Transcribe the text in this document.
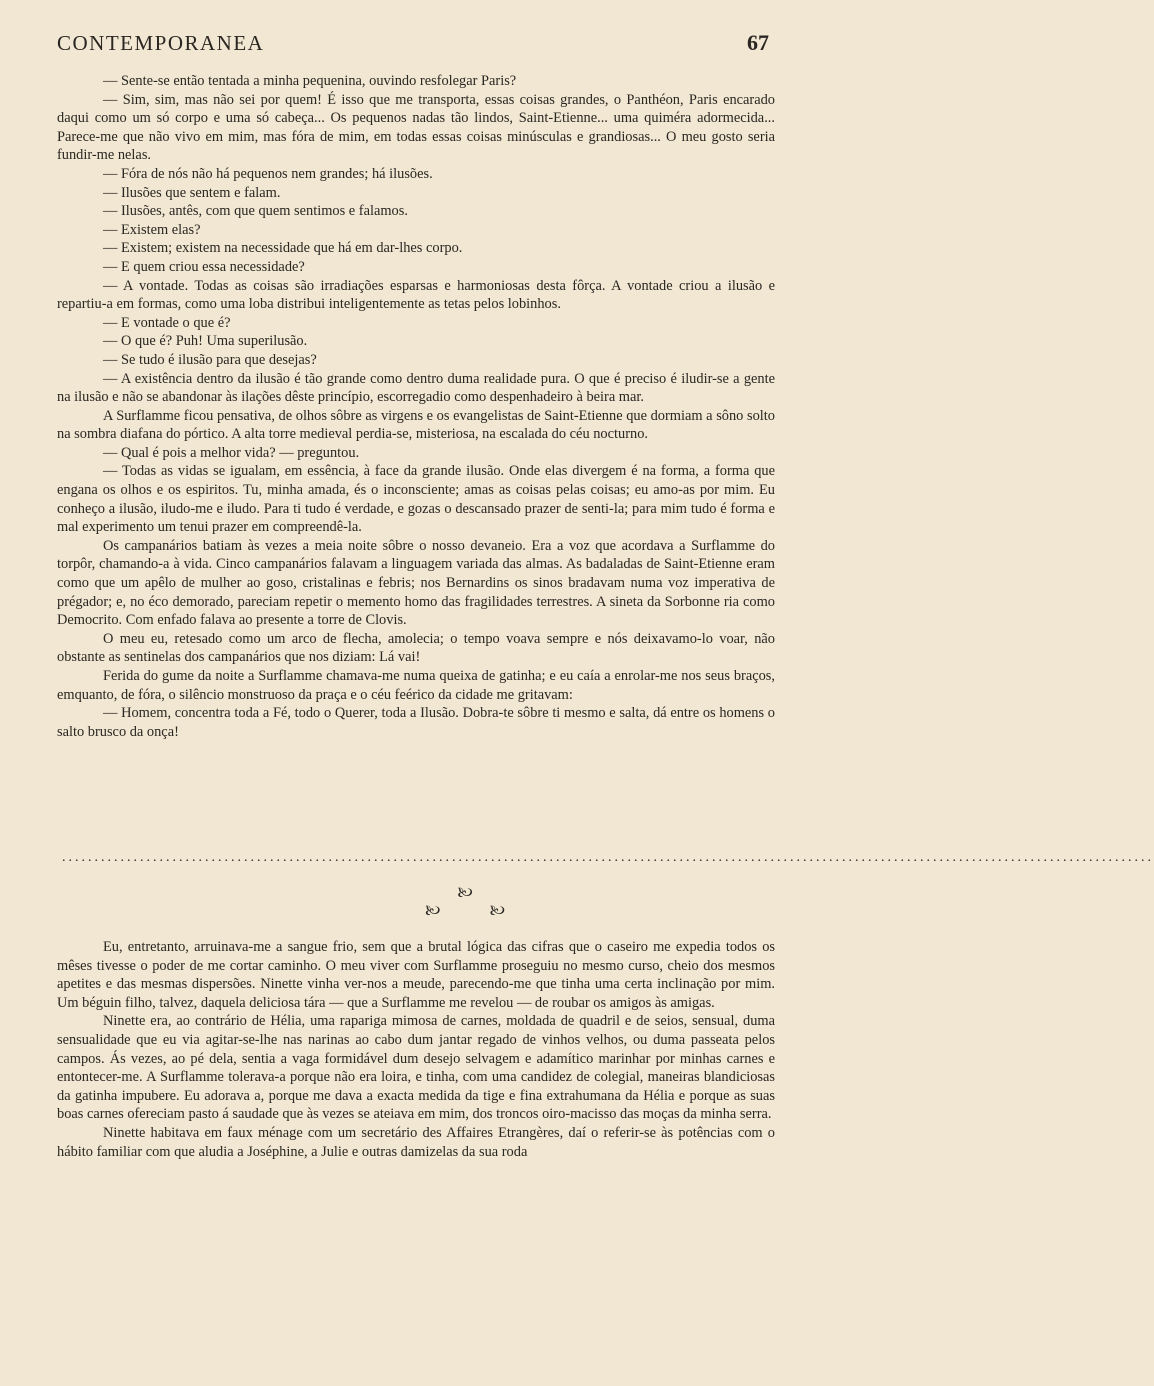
CONTEMPORANEA	67

— Sente-se então tentada a minha pequenina, ouvindo resfolegar Paris?

— Sim, sim, mas não sei por quem! É isso que me transporta, essas coisas grandes, o Panthéon, Paris encarado daqui como um só corpo e uma só cabeça... Os pequenos nadas tão lindos, Saint-Etienne... uma quiméra adormecida... Parece-me que não vivo em mim, mas fóra de mim, em todas essas coisas minúsculas e grandiosas... O meu gosto seria fundir-me nelas.

— Fóra de nós não há pequenos nem grandes; há ilusões.

— Ilusões que sentem e falam.

— Ilusões, antês, com que quem sentimos e falamos.

— Existem elas?

— Existem; existem na necessidade que há em dar-lhes corpo.

— E quem criou essa necessidade?

— A vontade. Todas as coisas são irradiações esparsas e harmoniosas desta fôrça. A vontade criou a ilusão e repartiu-a em formas, como uma loba distribui inteligentemente as tetas pelos lobinhos.

— E vontade o que é?

— O que é? Puh! Uma superilusão.

— Se tudo é ilusão para que desejas?

— A existência dentro da ilusão é tão grande como dentro duma realidade pura. O que é preciso é iludir-se a gente na ilusão e não se abandonar às ilações dêste princípio, escorregadio como despenhadeiro à beira mar.

A Surflamme ficou pensativa, de olhos sôbre as virgens e os evangelistas de Saint-Etienne que dormiam a sôno solto na sombra diafana do pórtico. A alta torre medieval perdia-se, misteriosa, na escalada do céu nocturno.

— Qual é pois a melhor vida? — preguntou.

— Todas as vidas se igualam, em essência, à face da grande ilusão. Onde elas divergem é na forma, a forma que engana os olhos e os espiritos. Tu, minha amada, és o inconsciente; amas as coisas pelas coisas; eu amo-as por mim. Eu conheço a ilusão, iludo-me e iludo. Para ti tudo é verdade, e gozas o descansado prazer de senti-la; para mim tudo é forma e mal experimento um tenui prazer em compreendê-la.

Os campanários batiam às vezes a meia noite sôbre o nosso devaneio. Era a voz que acordava a Surflamme do torpôr, chamando-a à vida. Cinco campanários falavam a linguagem variada das almas. As badaladas de Saint-Etienne eram como que um apêlo de mulher ao goso, cristalinas e febris; nos Bernardins os sinos bradavam numa voz imperativa de prégador; e, no éco demorado, pareciam repetir o memento homo das fragilidades terrestres. A sineta da Sorbonne ria como Democrito. Com enfado falava ao presente a torre de Clovis.

O meu eu, retesado como um arco de flecha, amolecia; o tempo voava sempre e nós deixavamo-lo voar, não obstante as sentinelas dos campanários que nos diziam: Lá vai!

Ferida do gume da noite a Surflamme chamava-me numa queixa de gatinha; e eu caía a enrolar-me nos seus braços, emquanto, de fóra, o silêncio monstruoso da praça e o céu feérico da cidade me gritavam:

— Homem, concentra toda a Fé, todo o Querer, toda a Ilusão. Dobra-te sôbre ti mesmo e salta, dá entre os homens o salto brusco da onça!

........................................................................................................................................................................
🙠
🙠	🙠

Eu, entretanto, arruinava-me a sangue frio, sem que a brutal lógica das cifras que o caseiro me expedia todos os mêses tivesse o poder de me cortar caminho. O meu viver com Surflamme proseguiu no mesmo curso, cheio dos mesmos apetites e das mesmas dispersões. Ninette vinha ver-nos a meude, parecendo-me que tinha uma certa inclinação por mim. Um béguin filho, talvez, daquela deliciosa tára — que a Surflamme me revelou — de roubar os amigos às amigas.

Ninette era, ao contrário de Hélia, uma rapariga mimosa de carnes, moldada de quadril e de seios, sensual, duma sensualidade que eu via agitar-se-lhe nas narinas ao cabo dum jantar regado de vinhos velhos, ou duma passeata pelos campos. Ás vezes, ao pé dela, sentia a vaga formidável dum desejo selvagem e adamítico marinhar por minhas carnes e entontecer-me. A Surflamme tolerava-a porque não era loira, e tinha, com uma candidez de colegial, maneiras blandiciosas da gatinha impubere. Eu adorava a, porque me dava a exacta medida da tige e fina extrahumana da Hélia e porque as suas boas carnes ofereciam pasto á saudade que às vezes se ateiava em mim, dos troncos oiro-macisso das moças da minha serra.

Ninette habitava em faux ménage com um secretário des Affaires Etrangères, daí o referir-se às potências com o hábito familiar com que aludia a Joséphine, a Julie e outras damizelas da sua roda
